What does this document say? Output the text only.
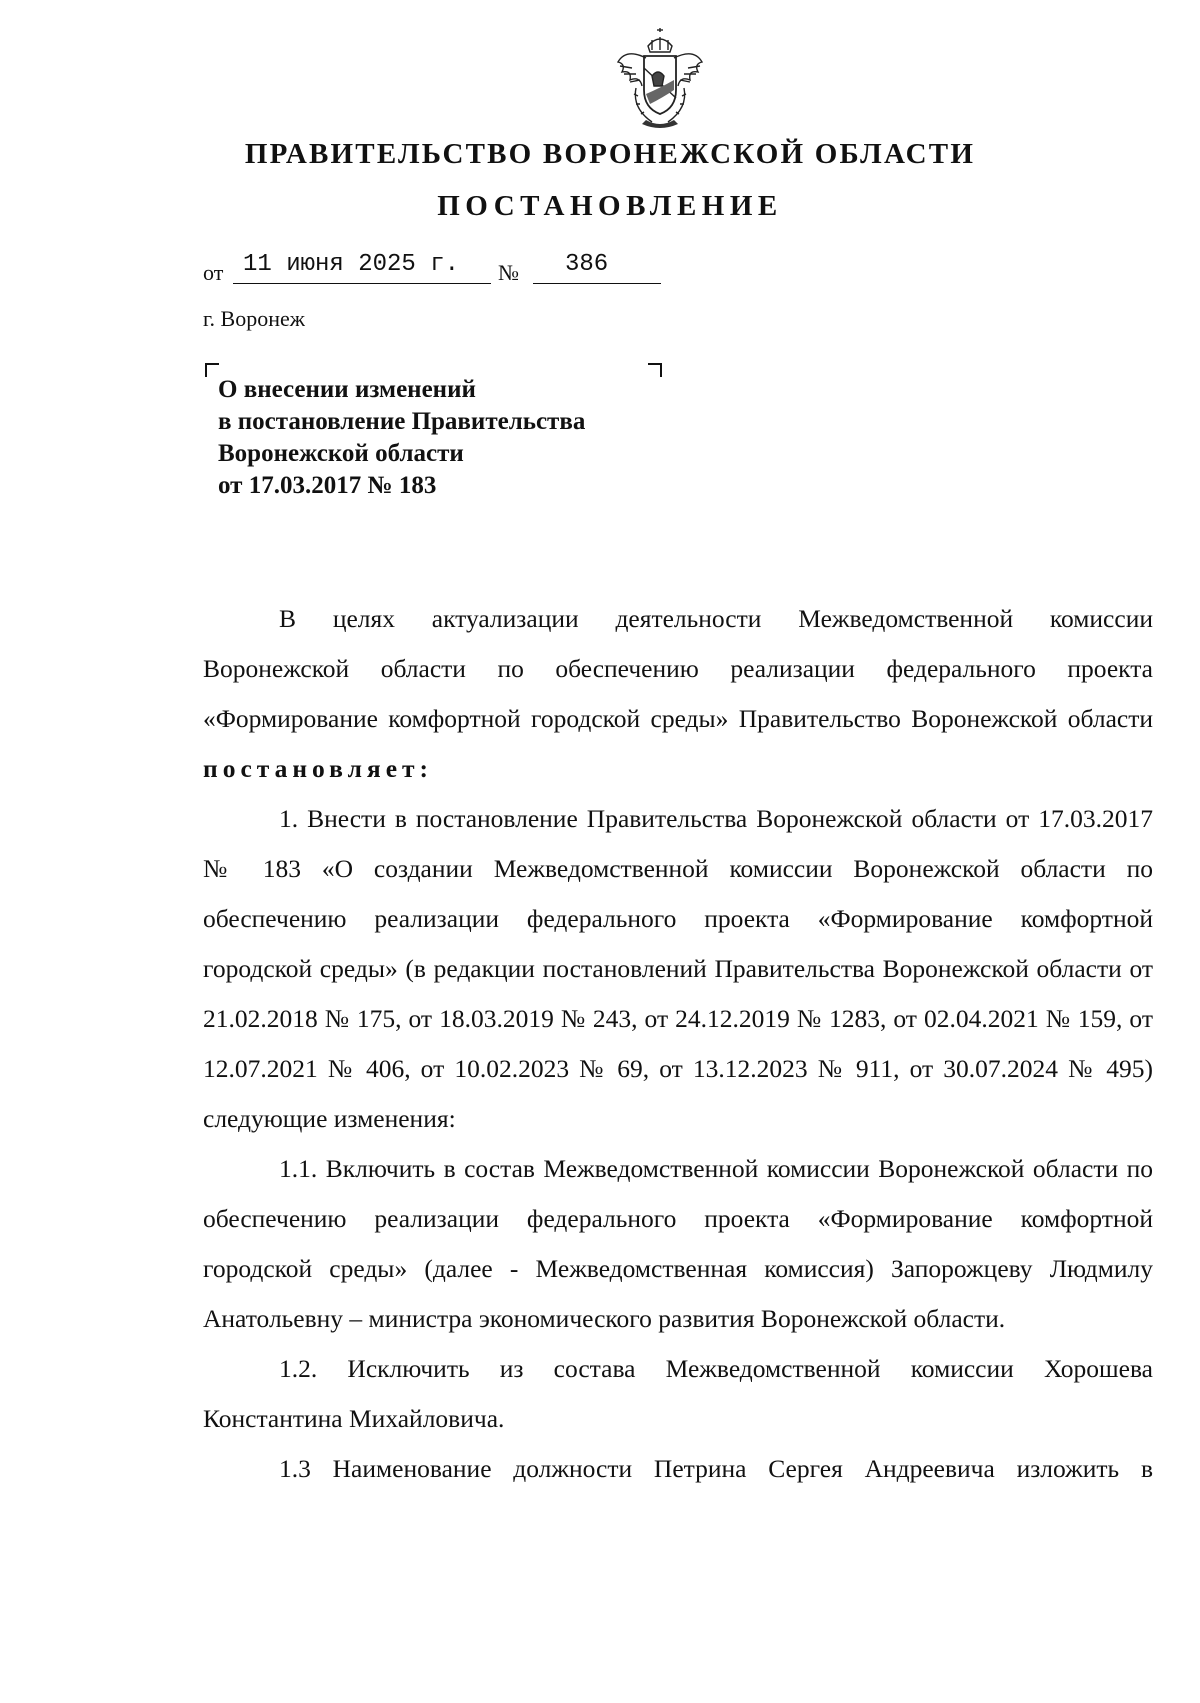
ПРАВИТЕЛЬСТВО ВОРОНЕЖСКОЙ ОБЛАСТИ
ПОСТАНОВЛЕНИЕ
от 11 июня 2025 г. № 386
г. Воронеж
О внесении изменений
в постановление Правительства
Воронежской области
от 17.03.2017 № 183

В целях актуализации деятельности Межведомственной комиссии Воронежской области по обеспечению реализации федерального проекта «Формирование комфортной городской среды» Правительство Воронежской области постановляет:

1. Внести в постановление Правительства Воронежской области от 17.03.2017 № 183 «О создании Межведомственной комиссии Воронежской области по обеспечению реализации федерального проекта «Формирование комфортной городской среды» (в редакции постановлений Правительства Воронежской области от 21.02.2018 № 175, от 18.03.2019 № 243, от 24.12.2019 № 1283, от 02.04.2021 № 159, от 12.07.2021 № 406, от 10.02.2023 № 69, от 13.12.2023 № 911, от 30.07.2024 № 495) следующие изменения:

1.1. Включить в состав Межведомственной комиссии Воронежской области по обеспечению реализации федерального проекта «Формирование комфортной городской среды» (далее - Межведомственная комиссия) Запорожцеву Людмилу Анатольевну – министра экономического развития Воронежской области.

1.2. Исключить из состава Межведомственной комиссии Хорошева Константина Михайловича.

1.3 Наименование должности Петрина Сергея Андреевича изложить в
